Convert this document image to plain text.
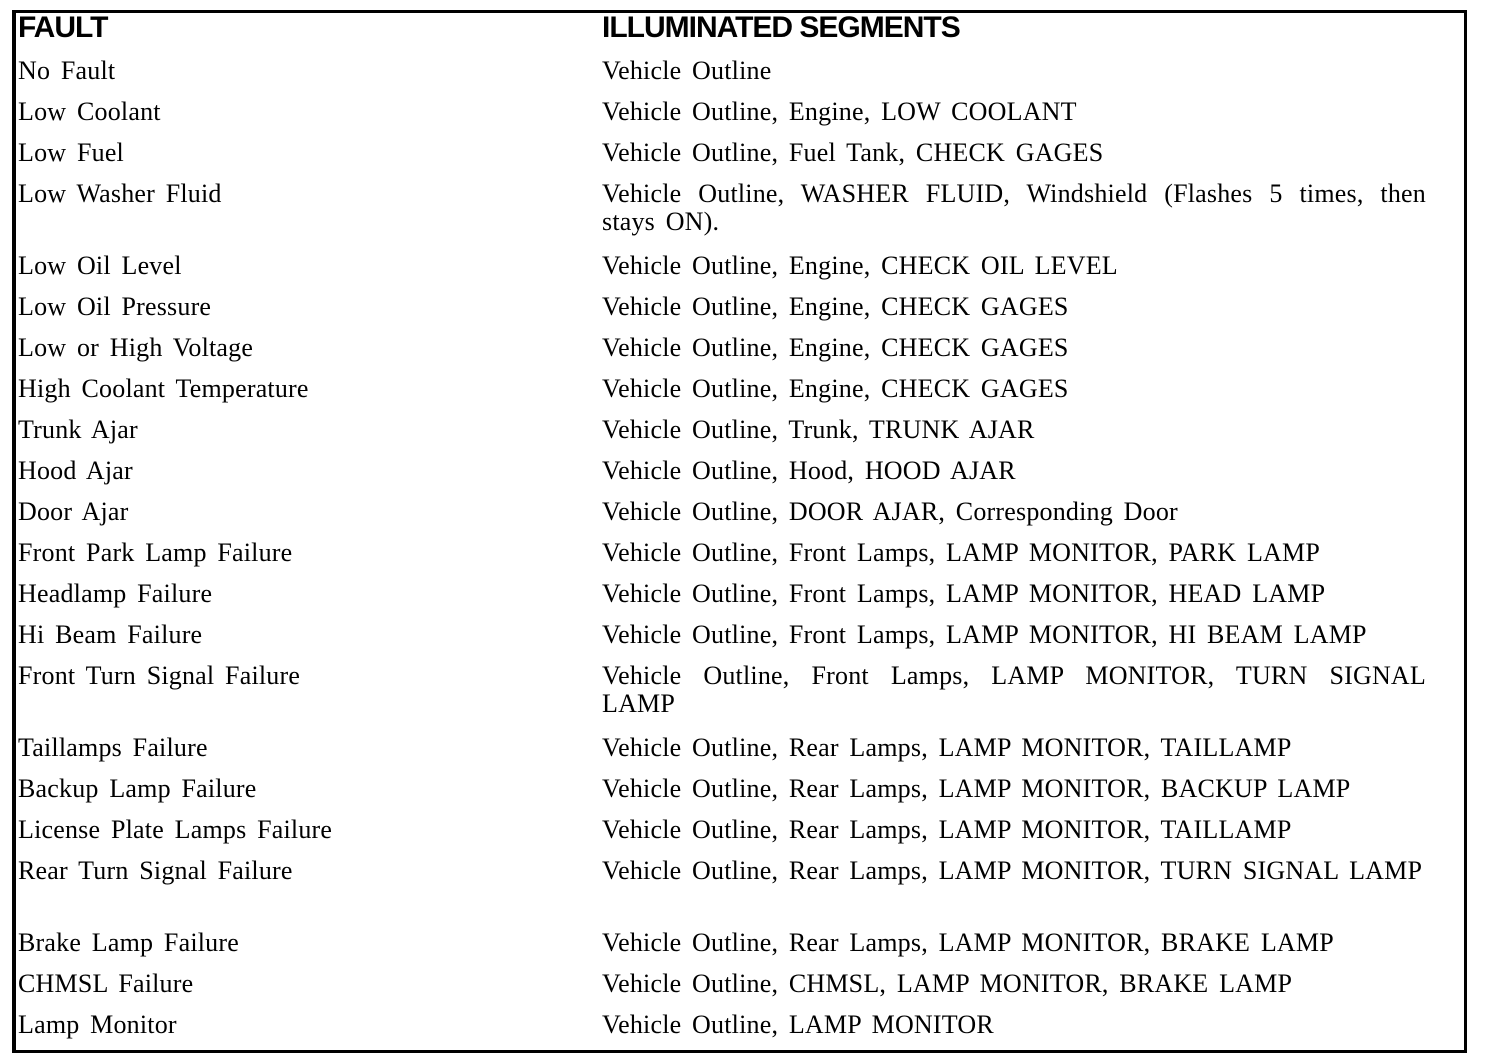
FAULT	ILLUMINATED SEGMENTS
No Fault	Vehicle Outline
Low Coolant	Vehicle Outline, Engine, LOW COOLANT
Low Fuel	Vehicle Outline, Fuel Tank, CHECK GAGES
Low Washer Fluid	Vehicle Outline, WASHER FLUID, Windshield (Flashes 5 times, then stays ON).
Low Oil Level	Vehicle Outline, Engine, CHECK OIL LEVEL
Low Oil Pressure	Vehicle Outline, Engine, CHECK GAGES
Low or High Voltage	Vehicle Outline, Engine, CHECK GAGES
High Coolant Temperature	Vehicle Outline, Engine, CHECK GAGES
Trunk Ajar	Vehicle Outline, Trunk, TRUNK AJAR
Hood Ajar	Vehicle Outline, Hood, HOOD AJAR
Door Ajar	Vehicle Outline, DOOR AJAR, Corresponding Door
Front Park Lamp Failure	Vehicle Outline, Front Lamps, LAMP MONITOR, PARK LAMP
Headlamp Failure	Vehicle Outline, Front Lamps, LAMP MONITOR, HEAD LAMP
Hi Beam Failure	Vehicle Outline, Front Lamps, LAMP MONITOR, HI BEAM LAMP
Front Turn Signal Failure	Vehicle Outline, Front Lamps, LAMP MONITOR, TURN SIGNAL LAMP
Taillamps Failure	Vehicle Outline, Rear Lamps, LAMP MONITOR, TAILLAMP
Backup Lamp Failure	Vehicle Outline, Rear Lamps, LAMP MONITOR, BACKUP LAMP
License Plate Lamps Failure	Vehicle Outline, Rear Lamps, LAMP MONITOR, TAILLAMP
Rear Turn Signal Failure	Vehicle Outline, Rear Lamps, LAMP MONITOR, TURN SIGNAL LAMP
Brake Lamp Failure	Vehicle Outline, Rear Lamps, LAMP MONITOR, BRAKE LAMP
CHMSL Failure	Vehicle Outline, CHMSL, LAMP MONITOR, BRAKE LAMP
Lamp Monitor	Vehicle Outline, LAMP MONITOR
